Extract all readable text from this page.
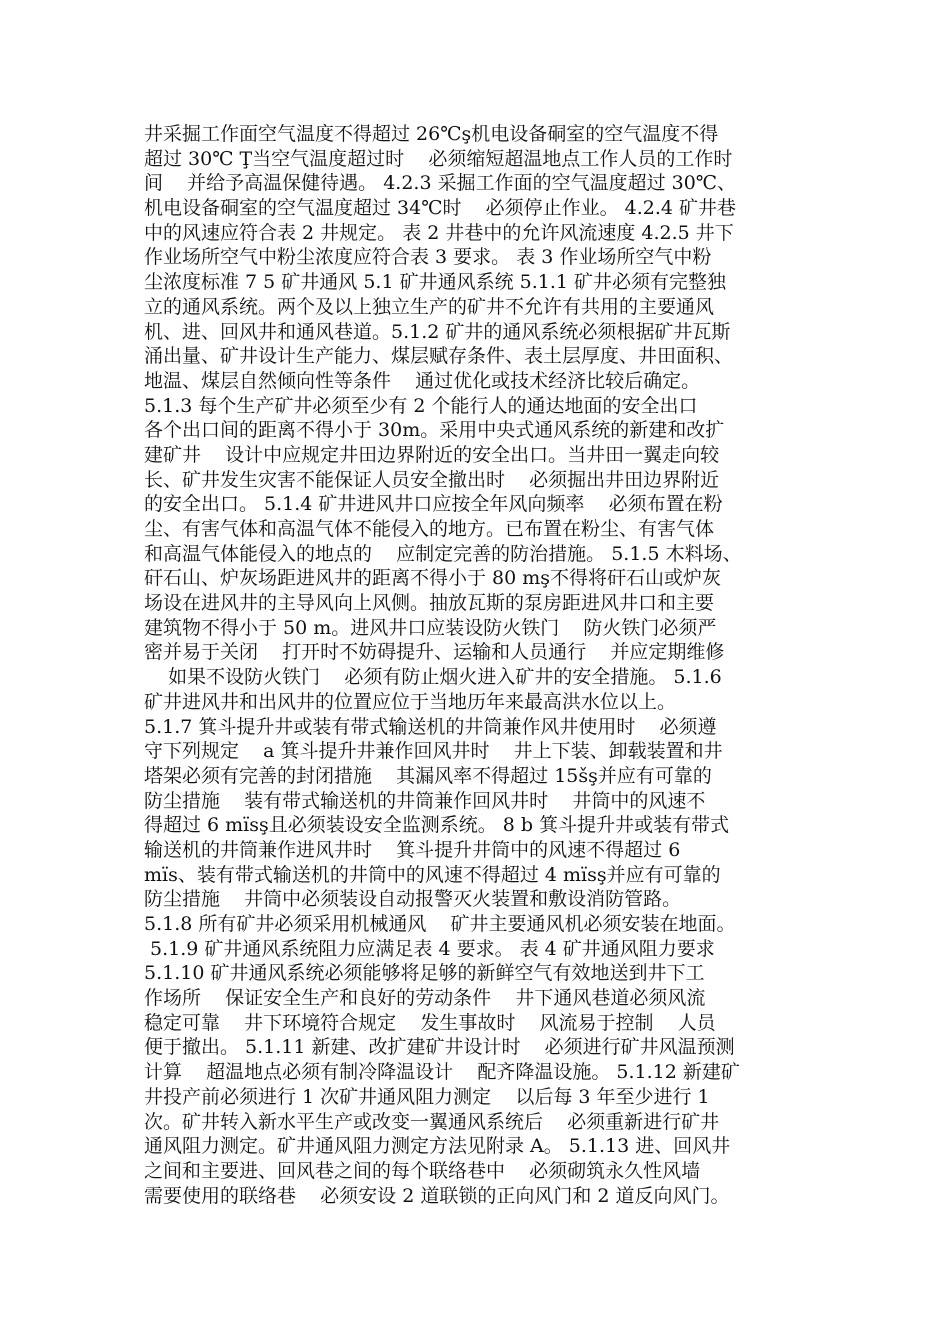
井采掘工作面空气温度不得超过 26℃ş机电设备硐室的空气温度不得
超过 30℃ Ţ当空气温度超过时    必须缩短超温地点工作人员的工作时
间    并给予高温保健待遇。 4.2.3 采掘工作面的空气温度超过 30℃、
机电设备硐室的空气温度超过 34℃时    必须停止作业。 4.2.4 矿井巷
中的风速应符合表 2 井规定。 表 2 井巷中的允许风流速度 4.2.5 井下
作业场所空气中粉尘浓度应符合表 3 要求。 表 3 作业场所空气中粉
尘浓度标准 7 5 矿井通风 5.1 矿井通风系统 5.1.1 矿井必须有完整独
立的通风系统。两个及以上独立生产的矿井不允许有共用的主要通风
机、进、回风井和通风巷道。5.1.2 矿井的通风系统必须根据矿井瓦斯
涌出量、矿井设计生产能力、煤层赋存条件、表土层厚度、井田面积、
地温、煤层自然倾向性等条件    通过优化或技术经济比较后确定。
5.1.3 每个生产矿井必须至少有 2 个能行人的通达地面的安全出口
各个出口间的距离不得小于 30m。采用中央式通风系统的新建和改扩
建矿井    设计中应规定井田边界附近的安全出口。当井田一翼走向较
长、矿井发生灾害不能保证人员安全撤出时    必须掘出井田边界附近
的安全出口。 5.1.4 矿井进风井口应按全年风向频率    必须布置在粉
尘、有害气体和高温气体不能侵入的地方。已布置在粉尘、有害气体
和高温气体能侵入的地点的    应制定完善的防治措施。 5.1.5 木料场、
矸石山、炉灰场距进风井的距离不得小于 80 mş不得将矸石山或炉灰
场设在进风井的主导风向上风侧。抽放瓦斯的泵房距进风井口和主要
建筑物不得小于 50 m。进风井口应装设防火铁门    防火铁门必须严
密并易于关闭    打开时不妨碍提升、运输和人员通行    并应定期维修
如果不设防火铁门    必须有防止烟火进入矿井的安全措施。 5.1.6
矿井进风井和出风井的位置应位于当地历年来最高洪水位以上。
5.1.7 箕斗提升井或装有带式输送机的井筒兼作风井使用时    必须遵
守下列规定    a 箕斗提升井兼作回风井时    井上下装、卸载装置和井
塔架必须有完善的封闭措施    其漏风率不得超过 15šş并应有可靠的
防尘措施    装有带式输送机的井筒兼作回风井时    井筒中的风速不
得超过 6 mïsş且必须装设安全监测系统。 8 b 箕斗提升井或装有带式
输送机的井筒兼作进风井时    箕斗提升井筒中的风速不得超过 6
mïs、装有带式输送机的井筒中的风速不得超过 4 mïsş并应有可靠的
防尘措施    井筒中必须装设自动报警灭火装置和敷设消防管路。
5.1.8 所有矿井必须采用机械通风    矿井主要通风机必须安装在地面。
5.1.9 矿井通风系统阻力应满足表 4 要求。 表 4 矿井通风阻力要求
5.1.10 矿井通风系统必须能够将足够的新鲜空气有效地送到井下工
作场所    保证安全生产和良好的劳动条件    井下通风巷道必须风流
稳定可靠    井下环境符合规定    发生事故时    风流易于控制    人员
便于撤出。 5.1.11 新建、改扩建矿井设计时    必须进行矿井风温预测
计算    超温地点必须有制冷降温设计    配齐降温设施。 5.1.12 新建矿
井投产前必须进行 1 次矿井通风阻力测定    以后每 3 年至少进行 1
次。矿井转入新水平生产或改变一翼通风系统后    必须重新进行矿井
通风阻力测定。矿井通风阻力测定方法见附录 A。 5.1.13 进、回风井
之间和主要进、回风巷之间的每个联络巷中    必须砌筑永久性风墙
需要使用的联络巷    必须安设 2 道联锁的正向风门和 2 道反向风门。
